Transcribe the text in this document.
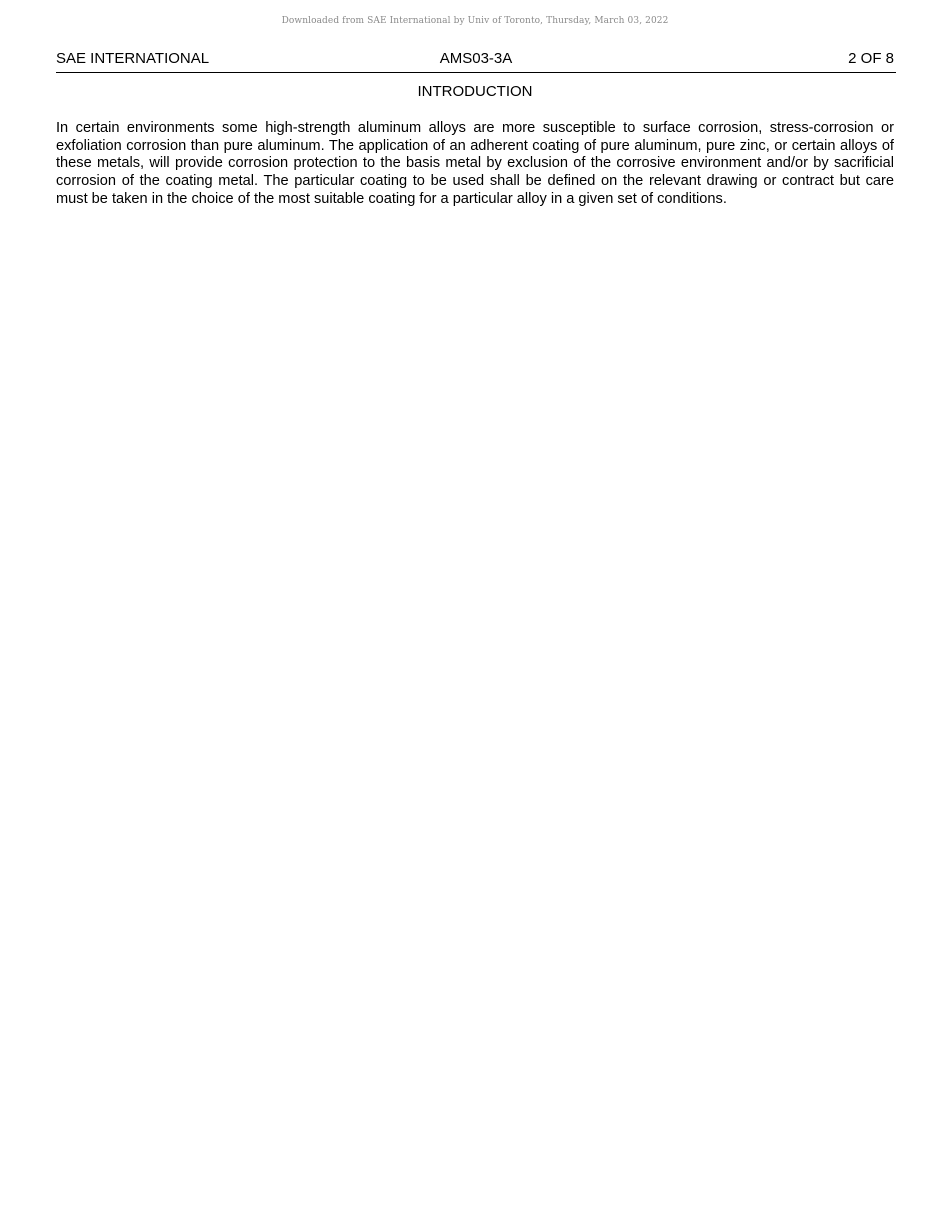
Downloaded from SAE International by Univ of Toronto, Thursday, March 03, 2022
SAE INTERNATIONAL	AMS03-3A	2 OF 8
INTRODUCTION

In certain environments some high-strength aluminum alloys are more susceptible to surface corrosion, stress-corrosion or exfoliation corrosion than pure aluminum. The application of an adherent coating of pure aluminum, pure zinc, or certain alloys of these metals, will provide corrosion protection to the basis metal by exclusion of the corrosive environment and/or by sacrificial corrosion of the coating metal. The particular coating to be used shall be defined on the relevant drawing or contract but care must be taken in the choice of the most suitable coating for a particular alloy in a given set of conditions.
